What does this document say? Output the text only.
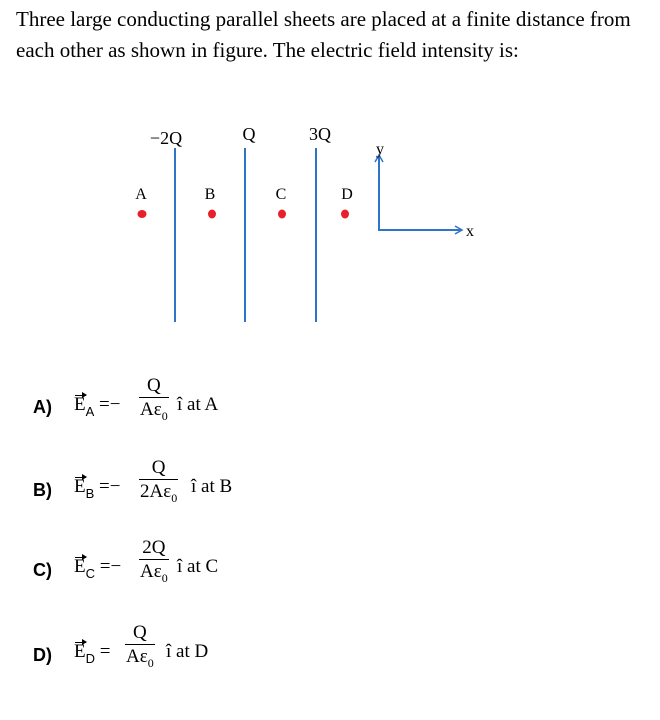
Three large conducting parallel sheets are placed at a finite distance from each other as shown in figure. The electric field intensity is:
−2Q	Q	3Q
A	B	C	D
y
x
A) $E_A$ =−
Q
$A\varepsilon_0$
î at A
B) $E_B$ =−
Q
$2A\varepsilon_0$
î at B
C) $E_C$ =−
2Q
$A\varepsilon_0$
î at C
D) $E_D$ =
Q
$A\varepsilon_0$
î at D
